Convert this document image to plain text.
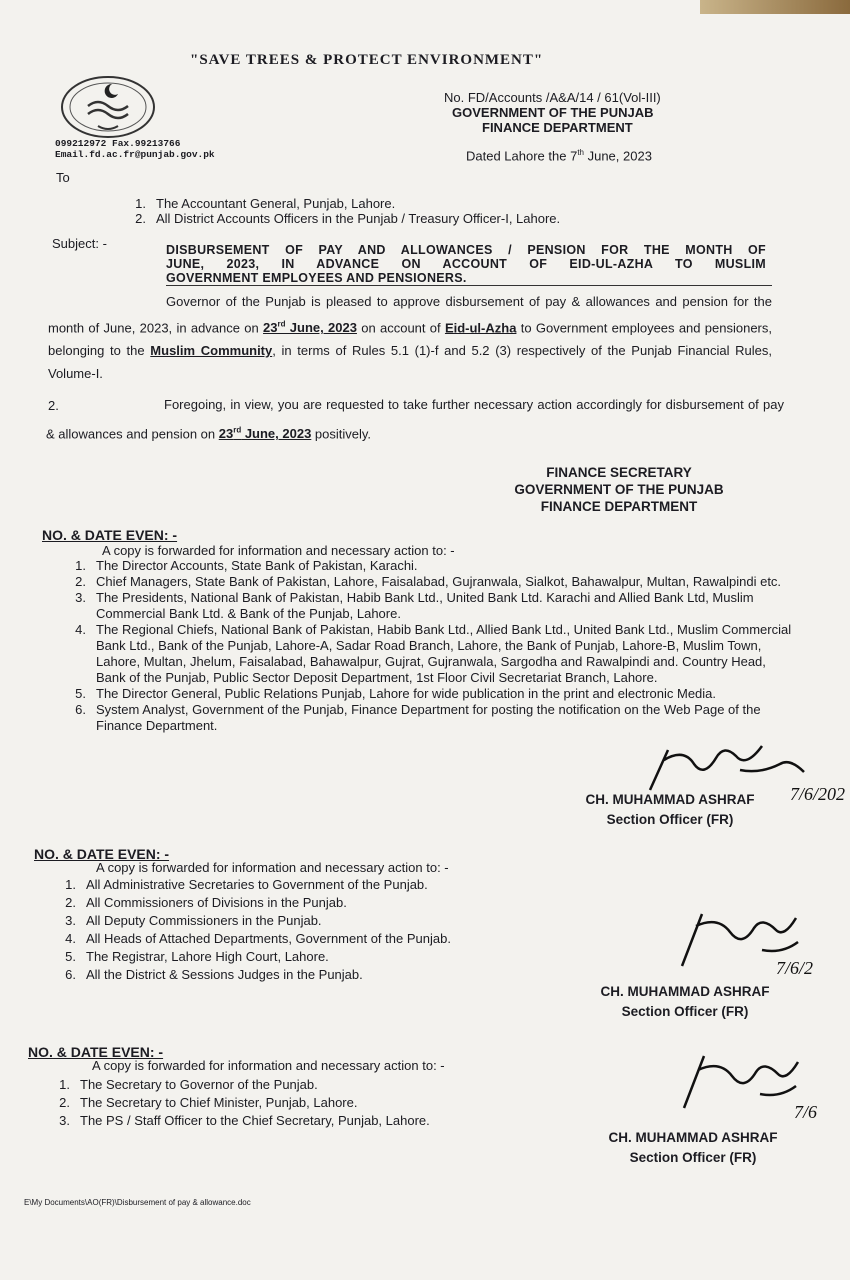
"SAVE TREES & PROTECT ENVIRONMENT"
099212972 Fax.99213766
Email.fd.ac.fr@punjab.gov.pk
No. FD/Accounts /A&A/14 / 61(Vol-III)
GOVERNMENT OF THE PUNJAB
FINANCE DEPARTMENT
Dated Lahore the 7th June, 2023
To
1. The Accountant General, Punjab, Lahore.
2. All District Accounts Officers in the Punjab / Treasury Officer-I, Lahore.
Subject: -	DISBURSEMENT OF PAY AND ALLOWANCES / PENSION FOR THE MONTH OF
JUNE, 2023, IN ADVANCE ON ACCOUNT OF EID-UL-AZHA TO MUSLIM
GOVERNMENT EMPLOYEES AND PENSIONERS.
Governor of the Punjab is pleased to approve disbursement of pay & allowances and pension for the month of June, 2023, in advance on 23rd June, 2023 on account of Eid-ul-Azha to Government employees and pensioners, belonging to the Muslim Community, in terms of Rules 5.1 (1)-f and 5.2 (3) respectively of the Punjab Financial Rules, Volume-I.
2.	Foregoing, in view, you are requested to take further necessary action accordingly for disbursement of pay & allowances and pension on 23rd June, 2023 positively.
FINANCE SECRETARY
GOVERNMENT OF THE PUNJAB
FINANCE DEPARTMENT
NO. & DATE EVEN: -
A copy is forwarded for information and necessary action to: -
1. The Director Accounts, State Bank of Pakistan, Karachi.
2. Chief Managers, State Bank of Pakistan, Lahore, Faisalabad, Gujranwala, Sialkot, Bahawalpur, Multan, Rawalpindi etc.
3. The Presidents, National Bank of Pakistan, Habib Bank Ltd., United Bank Ltd. Karachi and Allied Bank Ltd, Muslim Commercial Bank Ltd. & Bank of the Punjab, Lahore.
4. The Regional Chiefs, National Bank of Pakistan, Habib Bank Ltd., Allied Bank Ltd., United Bank Ltd., Muslim Commercial Bank Ltd., Bank of the Punjab, Lahore-A, Sadar Road Branch, Lahore, the Bank of Punjab, Lahore-B, Muslim Town, Lahore, Multan, Jhelum, Faisalabad, Bahawalpur, Gujrat, Gujranwala, Sargodha and Rawalpindi and. Country Head, Bank of the Punjab, Public Sector Deposit Department, 1st Floor Civil Secretariat Branch, Lahore.
5. The Director General, Public Relations Punjab, Lahore for wide publication in the print and electronic Media.
6. System Analyst, Government of the Punjab, Finance Department for posting the notification on the Web Page of the Finance Department.
CH. MUHAMMAD ASHRAF
Section Officer (FR)
7/6/202
NO. & DATE EVEN: -
A copy is forwarded for information and necessary action to: -
1. All Administrative Secretaries to Government of the Punjab.
2. All Commissioners of Divisions in the Punjab.
3. All Deputy Commissioners in the Punjab.
4. All Heads of Attached Departments, Government of the Punjab.
5. The Registrar, Lahore High Court, Lahore.
6. All the District & Sessions Judges in the Punjab.
CH. MUHAMMAD ASHRAF
Section Officer (FR)
7/6/2
NO. & DATE EVEN: -
A copy is forwarded for information and necessary action to: -
1. The Secretary to Governor of the Punjab.
2. The Secretary to Chief Minister, Punjab, Lahore.
3. The PS / Staff Officer to the Chief Secretary, Punjab, Lahore.
CH. MUHAMMAD ASHRAF
Section Officer (FR)
7/6
E\My Documents\AO(FR)\Disbursement of pay & allowance.doc
